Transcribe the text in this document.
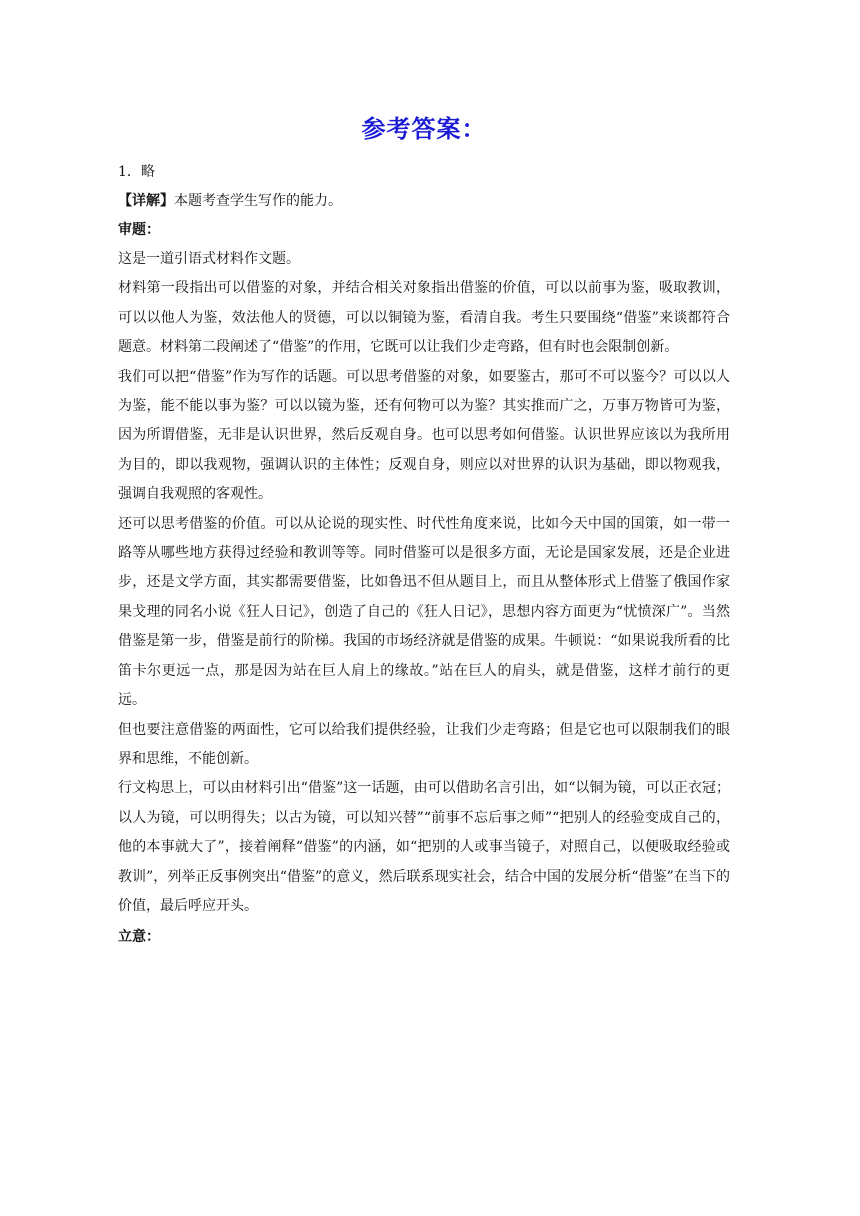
参考答案：

1．略

【详解】本题考查学生写作的能力。

审题：

这是一道引语式材料作文题。

材料第一段指出可以借鉴的对象，并结合相关对象指出借鉴的价值，可以以前事为鉴，吸取教训，可以以他人为鉴，效法他人的贤德，可以以铜镜为鉴，看清自我。考生只要围绕“借鉴”来谈都符合题意。材料第二段阐述了“借鉴”的作用，它既可以让我们少走弯路，但有时也会限制创新。

我们可以把“借鉴”作为写作的话题。可以思考借鉴的对象，如要鉴古，那可不可以鉴今？可以以人为鉴，能不能以事为鉴？可以以镜为鉴，还有何物可以为鉴？其实推而广之，万事万物皆可为鉴，因为所谓借鉴，无非是认识世界，然后反观自身。也可以思考如何借鉴。认识世界应该以为我所用为目的，即以我观物，强调认识的主体性；反观自身，则应以对世界的认识为基础，即以物观我，强调自我观照的客观性。

还可以思考借鉴的价值。可以从论说的现实性、时代性角度来说，比如今天中国的国策，如一带一路等从哪些地方获得过经验和教训等等。同时借鉴可以是很多方面，无论是国家发展，还是企业进步，还是文学方面，其实都需要借鉴，比如鲁迅不但从题目上，而且从整体形式上借鉴了俄国作家果戈理的同名小说《狂人日记》，创造了自己的《狂人日记》，思想内容方面更为“忧愤深广”。当然借鉴是第一步，借鉴是前行的阶梯。我国的市场经济就是借鉴的成果。牛顿说：“如果说我所看的比笛卡尔更远一点，那是因为站在巨人肩上的缘故。”站在巨人的肩头，就是借鉴，这样才前行的更远。

但也要注意借鉴的两面性，它可以给我们提供经验，让我们少走弯路；但是它也可以限制我们的眼界和思维，不能创新。

行文构思上，可以由材料引出“借鉴”这一话题，由可以借助名言引出，如“以铜为镜，可以正衣冠；以人为镜，可以明得失；以古为镜，可以知兴替”“前事不忘后事之师”“把别人的经验变成自己的，他的本事就大了”，接着阐释“借鉴”的内涵，如“把别的人或事当镜子，对照自己，以便吸取经验或教训”，列举正反事例突出“借鉴”的意义，然后联系现实社会，结合中国的发展分析“借鉴”在当下的价值，最后呼应开头。

立意：
